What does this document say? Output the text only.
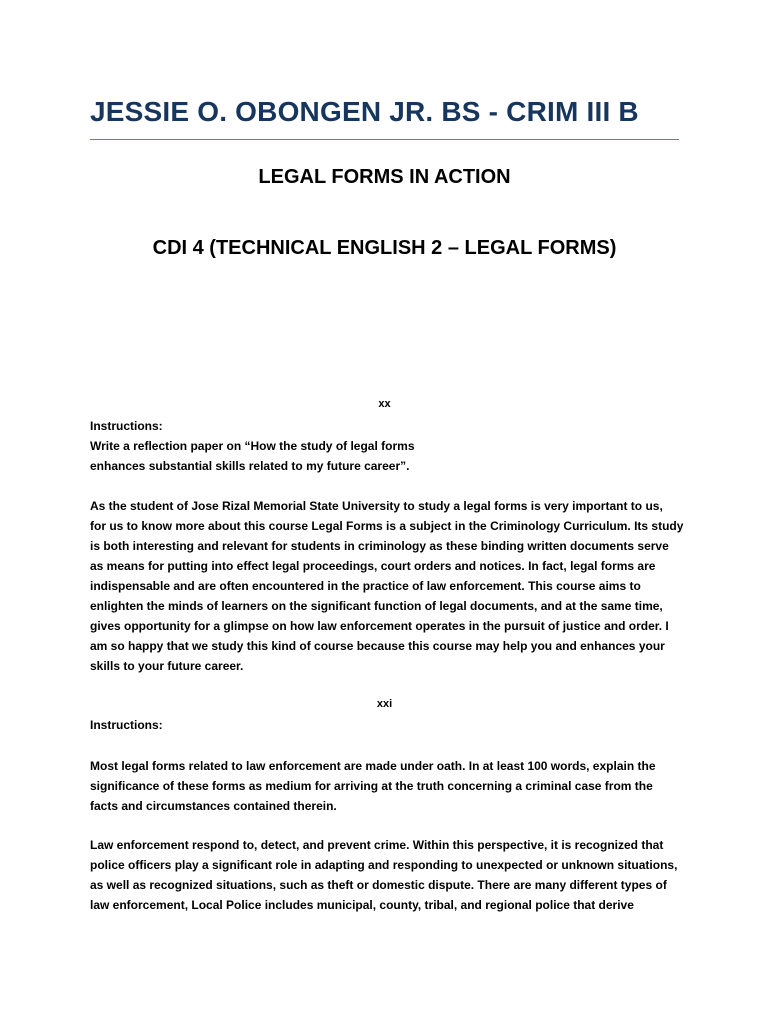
JESSIE O. OBONGEN JR. BS - CRIM III B

LEGAL FORMS IN ACTION

CDI 4 (TECHNICAL ENGLISH 2 – LEGAL FORMS)

xx
Instructions:
Write a reflection paper on “How the study of legal forms
enhances substantial skills related to my future career”.
As the student of Jose Rizal Memorial State University to study a legal forms is very important to us,
for us to know more about this course Legal Forms is a subject in the Criminology Curriculum. Its study
is both interesting and relevant for students in criminology as these binding written documents serve
as means for putting into effect legal proceedings, court orders and notices. In fact, legal forms are
indispensable and are often encountered in the practice of law enforcement. This course aims to
enlighten the minds of learners on the significant function of legal documents, and at the same time,
gives opportunity for a glimpse on how law enforcement operates in the pursuit of justice and order. I
am so happy that we study this kind of course because this course may help you and enhances your
skills to your future career.
xxi
Instructions:
Most legal forms related to law enforcement are made under oath. In at least 100 words, explain the
significance of these forms as medium for arriving at the truth concerning a criminal case from the
facts and circumstances contained therein.
Law enforcement respond to, detect, and prevent crime. Within this perspective, it is recognized that
police officers play a significant role in adapting and responding to unexpected or unknown situations,
as well as recognized situations, such as theft or domestic dispute. There are many different types of
law enforcement, Local Police includes municipal, county, tribal, and regional police that derive
